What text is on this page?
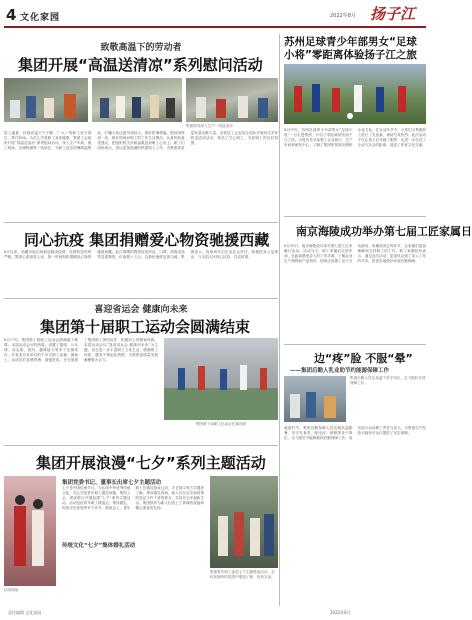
4 文化家园	2022年8月 扬子江
致敬高温下的劳动者
集团开展“高温送清凉”系列慰问活动
集团领导深入生产一线送清凉
进入盛夏，持续高温天气不断，广大一线职工坚守岗位，挥汗如雨。为关心关爱职工身体健康，集团工会组织开展“高温送清凉”系列慰问活动，深入生产车间、施工现场、仓储物流等一线岗位，为职工送去防暑降温物品，叮嘱大家注意劳逸结合、做好防暑措施。慰问组每到一处，都仔细询问职工的工作生活情况，认真听取意见建议，把组织的关怀和温暖送到职工心坎上。职工们纷纷表示，将以更加饱满的热情投入工作，为集团高质量发展贡献力量。各基层工会也结合实际开展形式多样的送清凉活动，营造了关心职工、关爱职工的良好氛围。
同心抗疫 集团捐赠爱心物资驰援西藏
8月以来，西藏多地出现新冠肺炎疫情，疫情防控形势严峻。集团心系高原人民，第一时间组织捐赠爱心物资驰援西藏。此次捐赠的物资包括药品、口罩、消毒用品等急需物资，价值数十万元，以最快速度运抵当地。集团表示，将始终牢记企业社会责任，积极投身公益事业，与全国人民同心抗疫、共克时艰。
喜迎省运会 健康向未来
集团第十届职工运动会圆满结束
8月下旬，集团第十届职工运动会圆满落下帷幕。本届运动会历时两周，设置了篮球、乒乓球、羽毛球、拔河、趣味接力等多个比赛项目，共有来自各单位的千余名职工参赛。赛场上，运动员们奋勇拼搏、顽强进取，充分展现了集团职工团结协作、积极向上的精神风貌。本届运动会以“喜迎省运会 健康向未来”为主题，旨在进一步丰富职工文化生活，增强职工体质，激发干事创业热情，为集团高质量发展凝聚强大合力。
集团第十届职工运动会比赛现场
集团开展浪漫“七夕”系列主题活动
活动现场
集团党委书记、董事长出席七夕主题活动
七夕是中国传统节日。为弘扬中华优秀传统文化，关心关爱青年职工婚恋问题，集团工会、团委联合开展浪漫“七夕”系列主题活动。活动包括青年职工联谊会、集体婚礼、传统文化体验等多个环节。联谊会上，青年职工们通过游戏互动、才艺展示等方式增进了解。集体婚礼现场，新人们在亲友和同事的见证下许下爱的誓言，共同开启幸福新生活。集团领导为新人们送上了真诚的祝福和精心准备的礼物。
传统文化“七夕”集体婚礼活动
集团青年职工参加七夕主题联谊活动，在轻松愉快的氛围中增进了解、收获友谊。
苏州足球青少年部男女“足球小将”零距离体验扬子江之旅
8月中旬，苏州足球青少年部男女“足球小将”一行走进集团，开启了零距离体验扬子江之旅。小将们先后参观了企业展厅、生产车间和研发中心，了解了集团的发展历程和企业文化。在互动环节中，小将们与集团职工进行了友谊赛，现场气氛热烈。此次活动不仅让孩子们开阔了眼界，也进一步拉近了企业与社会的距离，促进了体育文化交流。
南京海陵成功举办第七届工匠家属日
8月19日，南京海陵成功举办第七届工匠家属日活动。活动当天，职工家属们走进车间，近距离感受亲人的工作环境，了解企业生产流程和产品知识。现场还设置了亲子互动游戏、家属座谈会等环节，让家属们更加理解和支持职工的工作。职工家属纷纷表示，通过此次活动，更加体会到了亲人工作的辛苦，将更好地做好家庭后勤保障。
边“疼”脸 不服“晕”
——集团后勤人乳业助节约能源保障工作
集团后勤人员在高温下坚守岗位，全力做好各项保障工作。
盛夏时节，集团后勤保障人员克服高温酷暑，坚守在食堂、配电房、维修等各个岗位，全力做好节能降耗和后勤保障工作，用实际行动诠释了责任与担当，为集团生产经营平稳有序运行提供了坚实保障。
责任编辑 文化家园	2022年8月
